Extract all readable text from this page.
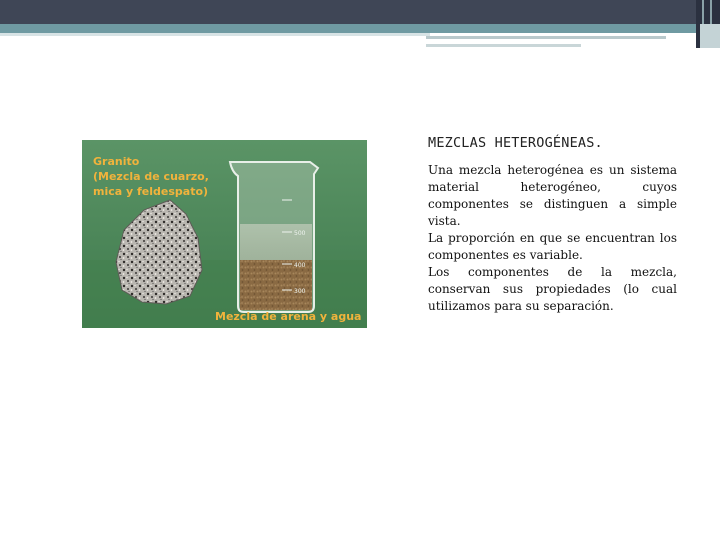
500
400
300
Granito
(Mezcla de cuarzo,
mica y feldespato)
Mezcla de arena y agua
MEZCLAS HETEROGÉNEAS.

Una mezcla heterogénea es un sistema material heterogéneo, cuyos componentes se distinguen a simple vista.

La proporción en que se encuentran los componentes es variable.

Los componentes de la mezcla, conservan sus propiedades (lo cual utilizamos para su separación.
